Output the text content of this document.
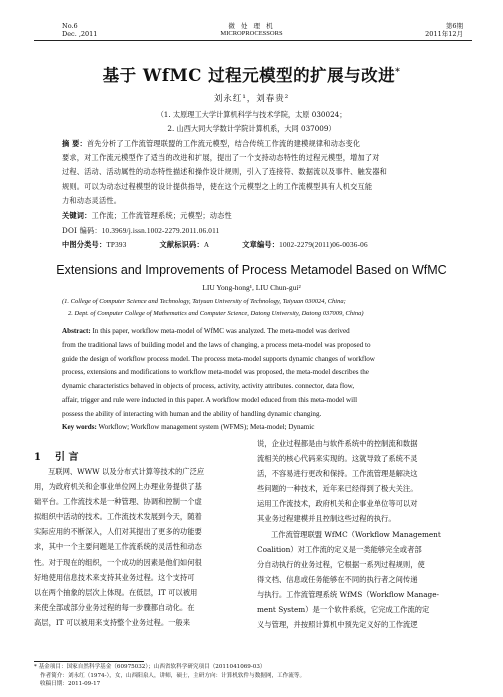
No.6
Dec. ,2011
微 处 理 机
MICROPROCESSORS
第6期
2011年12月
基于 WfMC 过程元模型的扩展与改进*
刘永红¹，刘春贵²
（1. 太原理工大学计算机科学与技术学院，太原 030024；
2. 山西大同大学数计学院计算机系，大同 037009）
摘 要：首先分析了工作流管理联盟的工作流元模型，结合传统工作流的建模规律和动态变化
要求，对工作流元模型作了适当的改进和扩展，提出了一个支持动态特性的过程元模型，增加了对
过程、活动、活动属性的动态特性描述和操作设计规则，引入了连接符、数据流以及事件、触发器和
规则。可以为动态过程模型的设计提供指导，使在这个元模型之上的工作流模型具有人机交互能
力和动态灵活性。
关键词：工作流；工作流管理系统；元模型；动态性
DOI 编码：10.3969/j.issn.1002-2279.2011.06.011
中图分类号：TP393	文献标识码：A	文章编号：1002-2279(2011)06-0036-06
Extensions and Improvements of Process Metamodel Based on WfMC
LIU Yong-hong¹, LIU Chun-gui²
(1. College of Computer Science and Technology, Taiyuan University of Technology, Taiyuan 030024, China;
2. Dept. of Computer College of Mathematics and Computer Science, Datong University, Datong 037009, China)
Abstract: In this paper, workflow meta-model of WfMC was analyzed. The meta-model was derived
from the traditional laws of building model and the laws of changing, a process meta-model was proposed to
guide the design of workflow process model. The process meta-model supports dynamic changes of workflow
process, extensions and modifications to workflow meta-model was proposed, the meta-model describes the
dynamic characteristics behaved in objects of process, activity, activity attributes. connector, data flow,
affair, trigger and rule were inducted in this paper. A workflow model educed from this meta-model will
possess the ability of interacting with human and the ability of handling dynamic changing.
Key words: Workflow; Workflow management system (WFMS); Meta-model; Dynamic
1 引 言
互联网、WWW 以及分布式计算等技术的广泛应
用，为政府机关和企事业单位网上办理业务提供了基
础平台。工作流技术是一种管理、协调和控制一个虚
拟组织中活动的技术。工作流技术发展到今天，随着
实际应用的不断深入，人们对其提出了更多的功能要
求，其中一个主要问题是工作流系统的灵活性和动态
性。对于现在的组织，一个成功的因素是他们如何很
好地使用信息技术来支持其业务过程。这个支持可
以在两个抽象的层次上体现。在低层，IT 可以被用
来使全部或部分业务过程的每一步骤都自动化。在
高层，IT 可以被用来支持整个业务过程。一般来
说，企业过程都是由与软件系统中的控制流和数据
流相关的核心代码来实现的。这就导致了系统不灵
活，不容易进行更改和保持。工作流管理是解决这
些问题的一种技术，近年来已经得到了极大关注。
运用工作流技术，政府机关和企事业单位等可以对
其业务过程建模并且控制这些过程的执行。
工作流管理联盟 WfMC（Workflow Management
Coalition）对工作流的定义是一类能够完全或者部
分自动执行的业务过程，它根据一系列过程规则，使
得文档、信息或任务能够在不同的执行者之间传递
与执行。工作流管理系统 WfMS（Workflow Manage-
ment System）是一个软件系统，它完成工作流的定
义与管理，并按照计算机中预先定义好的工作流逻
* 基金项目：国家自然科学基金（60975032）；山西省软科学研究项目（2011041069-03）
作者简介：刘永红（1974-），女，山西阳泉人，讲师，硕士，主研方向：计算机软件与数据网，工作流等。
收稿日期：2011-09-17
